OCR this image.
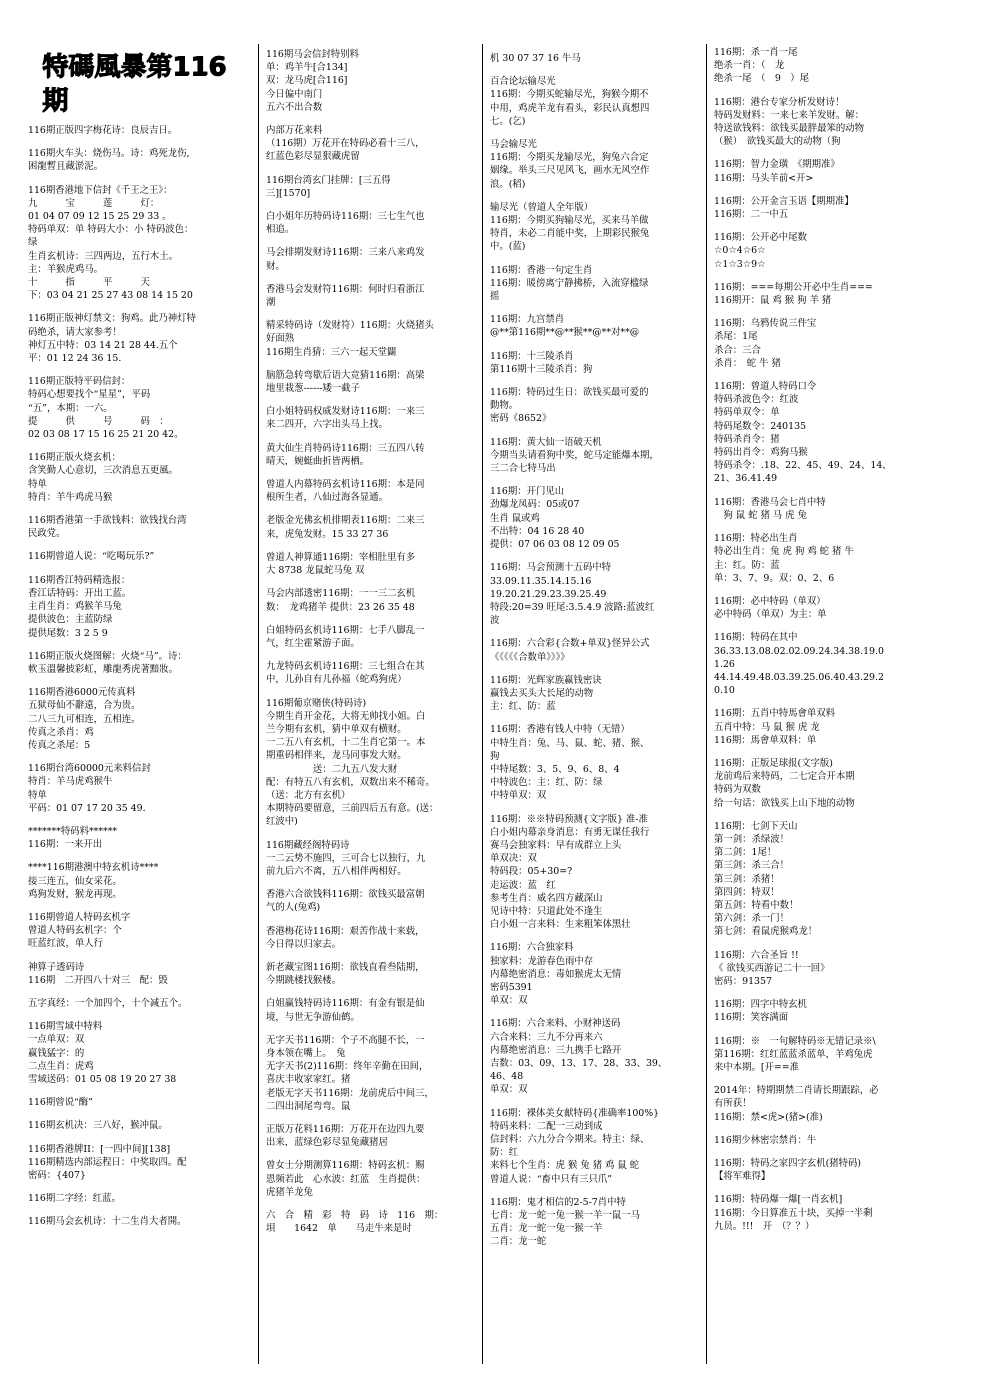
特碼風暴第116期
116期正版四字梅花诗：良辰吉日。
116期火车头：烧伤马。诗：鸡死龙伤,
困龍暫且藏淤泥。
116期香港地下信封《千王之王》：
九　　　宝　　　莲　　　灯：
01 04 07 09 12 15 25 29 33 。
特码单双：单 特码大小：小 特码波色：
绿
生肖玄机诗：三四两边，五行木土。
主：羊猴虎鸡马。
十　　　指　　　平　　　天
下：03 04 21 25 27 43 08 14 15 20
116期正版神灯禁文：狗鸡。此乃神灯特
码绝杀，请大家参考！
神灯五中特：03 14 21 28 44.五个
平：01 12 24 36 15.
116期正版特平码信封：
特码心想要找个“星星”，平码
“五”，本期：一六。
提　　　供　　　号　　　码　：
02 03 08 17 15 16 25 21 20 42。
116期正版火烧玄机：
含笑勤人心意切，三次消息五更風。
特单
特肖：羊牛鸡虎马猴
116期香港第一手欲钱料：欲钱找台湾
民政党。
116期曾道人说：“吃喝玩乐?”
116期香江特码精选报：
香江话特码：开出工蓝。
主肖生肖：鸡猴羊马兔
提供波色：主蓝防绿
提供尾数：3 2 5 9
116期正版火烧图解：火烧“马”。诗：
軟玉溫馨披彩虹，雕龍秀虎著黯妝。
116期香港6000元传真料
五狱母仙不辭遠，合为贵。
二八三九可相连，五相连。
传真之杀肖：鸡
传真之杀尾：5
116期台湾60000元来料信封
特肖：羊马虎鸡猴牛
特单
平码：01 07 17 20 35 49.
*******特码料******
116期：一来开出
****116期港澳中特玄机诗****
接三连五，仙女采花。
鸡狗发财，猴龙再现。
116期曾道人特码玄机字
曾道人特码玄机字：个
旺蓝红波，单人行
神算子透码诗
116期　二开四八十对三　配：毁
五字真经：一个加四个，十个减五个。
116期雪域中特料
一点单双：双
赢钱猛字：的
二点生肖：虎鸡
雪域送码：01 05 08 19 20 27 38
116期曾说“酶”
116期玄机决：三八好，猴冲鼠。
116期香港牌II：[一四中间][138]
116期精选内部运程日：中奖取四。配
密码：{407}
116期二字经：红蓝。
116期马会玄机诗：十二生肖大者開。
116期马会信封特别料
单：鸡羊牛[合134]
双：龙马虎[合116]
今日偏中南门
五六不出合数
内部万花来料
（116期）万花开在特码必看十三八，
红蓝色彩尽显狠藏虎留
116期台湾玄门挂牌：[三五得
三][1570]
白小姐年历特码诗116期：三七生气也
相追。
马会排期发财诗116期：三来八来鸡发
财。
香港马会发财符116期：何时归看浙江
潮
精采特码诗（发财符）116期：火烧猪头
好面熟
116期生肖猜：三六一起天堂闢
脑筋急转弯歇后语大竞猜116期：高梁
地里栽葱------矮一截子
白小姐特码权威发财诗116期：一来三
来二四开，六字出头马上找。
黄大仙生肖特码诗116期：三五四八转
晴天，婉蜓曲折皆两栖。
曾道人内幕特码玄机诗116期：本是同
根所生者，八仙过海各显通。
老版金光佛玄机排期表116期：二来三
来，虎兔发财。15 33 27 36
曾道人神算通116期：宰相肚里有多
大 8738 龙鼠蛇马兔 双
马会内部透密116期：一一三二玄机
数：　龙鸡猪羊 提供：23 26 35 48
白姐特码玄机诗116期：七手八脚乱一
气，红尘霍紧游子面。
九龙特码玄机诗116期：三七组合在其
中，儿孙自有儿孙福（蛇鸡狗虎）
116期葡京赌侠(特码诗)
今期生肖开金花，大将无帅找小姐。白
兰今期有玄机，猜中单双有横财。
一二五八有玄机，十二生肖它第一。本
期重码相伴来，龙马同事发大财。
　　　　　送：二九五八发大财
配：有特五八有玄机，双数出来不稀奇。
（送：北方有玄机）
本期特码要留意，三前四后五有意。(送：
红波中)
116期藏经阁特码诗
一二云势不施四，三可合七以独行，九
前九后六不离，五八相伴两相好。
香港六合欲钱料116期：欲钱买最富朝
气的人(兔鸡)
香港梅花诗116期：艰苦作战十来载，
今日得以归家去。
新老藏宝图116期：欲钱直看叁陆期，
今期跳楼找猴楼。
白姐赢钱特码诗116期：有金有银是仙
境，与世无争游仙鹤。
无字天书116期：个子不高腿不长，一
身本领在嘴上。　兔
无字天书(2)116期：终年辛勤在田间，
喜庆丰收家家红。猪
老版无字天书116期：龙前虎后中间三，
二四出洞尾弯弯。鼠
正版万花料116期：万花开在边四九要
出来，蓝绿色彩尽显兔藏猪居
曾女士分期测算116期：特码玄机：赐
恩频若此　心水波：红蓝　生肖提供：
虎猪羊龙兔
六　合　精　彩　特　码　诗　116　期：
垻　　1642　单　　马走牛来是时
机 30 07 37 16 牛马
百合论坛输尽光
116期：今期买蛇输尽光，狗猴今期不
中用，鸡虎羊龙有看头，彩民认真想四
七。(乞)
马会输尽光
116期：今期买龙输尽光，狗兔六合定
姻缘。举头三尺见风飞，画水无风空作
浪。(稻)
输尽光（曾道人全年版）
116期：今期买狗输尽光，买来马羊做
特肖，未必二肖能中奖，上期彩民猴兔
中。(蓝)
116期：香港一句定生肖
116期：暖傍离宁静拂桥，入流穿槛绿
摇
116期：九宫禁肖
@**第116期**@**猴**@**对**@
116期：十三陵杀肖
第116期十三陵杀肖：狗
116期：特码过生日：欲钱买最可爱的
動物。
密码《8652》
116期：黄大仙一语破天机
今期当头请看狗中奖，蛇马定能爆本期，
三二合七特马出
116期：开门见山
劲爆龙凤码：05或07
生肖 鼠或鸡
不出特：04 16 28 40
提供：07 06 03 08 12 09 05
116期：马会预测十五码中特
33.09.11.35.14.15.16
19.20.21.29.23.39.25.49
特段:20=39 旺尾:3.5.4.9 波路:蓝波红
波
116期：六合彩{合数+单双}怪异公式
《《《《《合数单》》》》
116期：光辉家族赢钱密诀
赢钱去买头大长尾的动物
主：红、防：蓝
116期：香港有钱人中特（无错）
中特生肖：兔、马、鼠、蛇、猪、猴、
狗
中特尾数：3、5、9、6、8、4
中特波色：主：红、防：绿
中特单双：双
116期：※※特码预测{文字版} 准-准
白小姐内幕亲身消息：有勇无谋任我行
赛马会独家料：早有成群立上头
单双决：双
特码段：05+30=?
走运波：蓝　红
参考生肖：威名四方藏深山
见诗中特：只道此处不逢生
白小姐一言来料：生来粗笨体黑壮
116期：六合独家料
独家料：龙游春色雨中存
内幕绝密消息：毒如猴虎太无情
密码5391
单双：双
116期：六合来料、小财神送码
六合来料：三九不分再来六
内幕绝密消息：三九携手七路开
吉数：03、09、13、17、28、33、39、
46、48
单双：双
116期：裸体美女献特码{准确率100%}
特码来料：二配一三动到成
信封料：六九分合今期来。特主：绿、
防：红
来料七个生肖：虎 猴 兔 猪 鸡 鼠 蛇
曾道人说：“畜中只有三只爪”
116期：鬼才相信的2-5-7肖中特
七肖：龙一蛇一兔一猴一羊一鼠一马
五肖：龙一蛇一兔一猴一羊
二肖：龙一蛇
116期：杀一肖一尾
绝杀一肖：（　龙
绝杀一尾　（　9　）尾
116期：港台专家分析发财诗！
特码发财料：一来七来羊发财。解：
特送欲钱料：欲钱买最胖最笨的动物
（猴）　欲钱买最大的动物（狗
116期：智力金璜　《期期准》
116期：马头羊前<开>
116期：公开金言玉语【期期准】
116期：二一中五
116期：公开必中尾数
☆0☆4☆6☆
☆1☆3☆9☆
116期：===每期公开必中生肖===
116期开：鼠 鸡 猴 狗 羊 猪
116期：乌鸦传说三件宝
杀尾：1尾
杀合：三合
杀肖：　蛇 牛 猪
116期：曾道人特码口令
特码杀波色令：红波
特码单双令：单
特码尾数令：240135
特码杀肖令：猪
特码出肖令：鸡狗马猴
特码杀令：.18、22、45、49、24、14、
21、36.41.49
116期：香港马会七肖中特
　狗 鼠 蛇 猪 马 虎 兔
116期：特必出生肖
特必出生肖：兔 虎 狗 鸡 蛇 猪 牛
主：红。防：蓝
单：3、7、9。双：0、2、6
116期：必中特码（单双）
必中特码（单双）为主：单
116期：特码在其中
36.33.13.08.02.02.09.24.34.38.19.0
1.26
44.14.49.48.03.39.25.06.40.43.29.2
0.10
116期：五肖中特馬會单双料
五肖中特：马 鼠 猴 虎 龙
116期：馬會单双料：单
116期：正版足球报(文字版)
龙前鸡后来特码，二七定合开本期
特码为双数
给一句话：欲钱买上山下地的动物
116期：七剑下天山
第一剑：杀绿波！
第二剑：1尾！
第三剑：杀三合！
第三剑：杀猪！
第四剑：特双！
第五剑：特看中数！
第六剑：杀一门！
第七剑：看鼠虎猴鸡龙！
116期：六合圣旨 !!
《 欲钱买西游记二十一回》
密码：91357
116期：四字中特玄机
116期：笑容满面
116期：※　一句解特码※无错记录※\
第116期：红红蓝蓝杀蓝单，羊鸡兔虎
来中本期。[开==准
2014年：特期期禁二肖请长期跟踪，必
有所获！
116期：禁<虎>(猪>(准)
116期少林密宗禁肖：牛
116期：特码之家四字玄机(猪特码)
【将军难得】
116期：特码爆一爆[一肖玄机]
116期：今日算准五十块，买掉一半剩
九员。!!!　开　（？？）
